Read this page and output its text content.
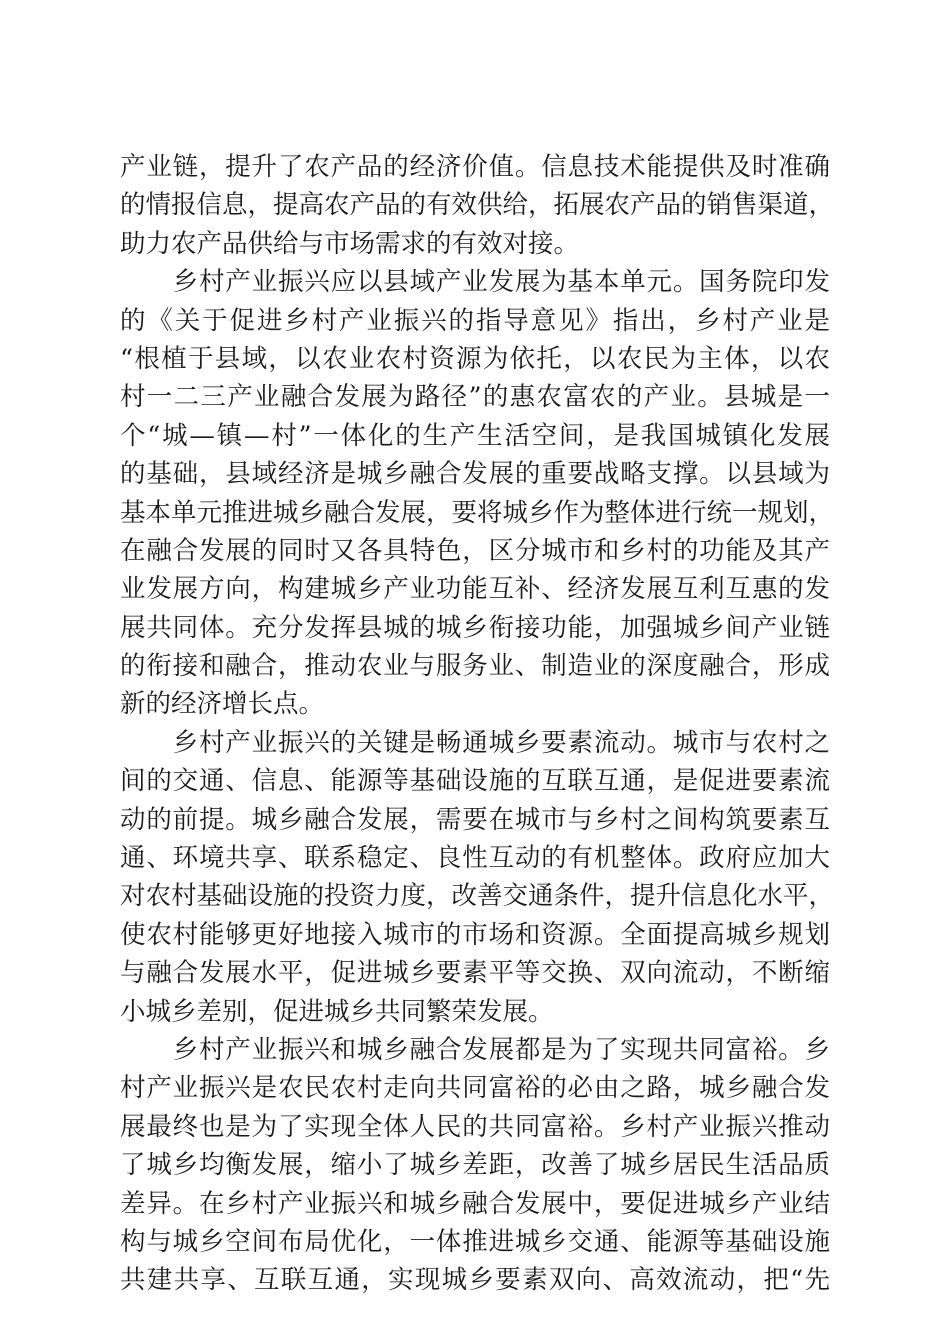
产业链，提升了农产品的经济价值。信息技术能提供及时准确
的情报信息，提高农产品的有效供给，拓展农产品的销售渠道，
助力农产品供给与市场需求的有效对接。
　　乡村产业振兴应以县域产业发展为基本单元。国务院印发
的《关于促进乡村产业振兴的指导意见》指出，乡村产业是
“根植于县域，以农业农村资源为依托，以农民为主体，以农
村一二三产业融合发展为路径”的惠农富农的产业。县城是一
个“城—镇—村”一体化的生产生活空间，是我国城镇化发展
的基础，县域经济是城乡融合发展的重要战略支撑。以县域为
基本单元推进城乡融合发展，要将城乡作为整体进行统一规划，
在融合发展的同时又各具特色，区分城市和乡村的功能及其产
业发展方向，构建城乡产业功能互补、经济发展互利互惠的发
展共同体。充分发挥县城的城乡衔接功能，加强城乡间产业链
的衔接和融合，推动农业与服务业、制造业的深度融合，形成
新的经济增长点。
　　乡村产业振兴的关键是畅通城乡要素流动。城市与农村之
间的交通、信息、能源等基础设施的互联互通，是促进要素流
动的前提。城乡融合发展，需要在城市与乡村之间构筑要素互
通、环境共享、联系稳定、良性互动的有机整体。政府应加大
对农村基础设施的投资力度，改善交通条件，提升信息化水平，
使农村能够更好地接入城市的市场和资源。全面提高城乡规划
与融合发展水平，促进城乡要素平等交换、双向流动，不断缩
小城乡差别，促进城乡共同繁荣发展。
　　乡村产业振兴和城乡融合发展都是为了实现共同富裕。乡
村产业振兴是农民农村走向共同富裕的必由之路，城乡融合发
展最终也是为了实现全体人民的共同富裕。乡村产业振兴推动
了城乡均衡发展，缩小了城乡差距，改善了城乡居民生活品质
差异。在乡村产业振兴和城乡融合发展中，要促进城乡产业结
构与城乡空间布局优化，一体推进城乡交通、能源等基础设施
共建共享、互联互通，实现城乡要素双向、高效流动，把“先
